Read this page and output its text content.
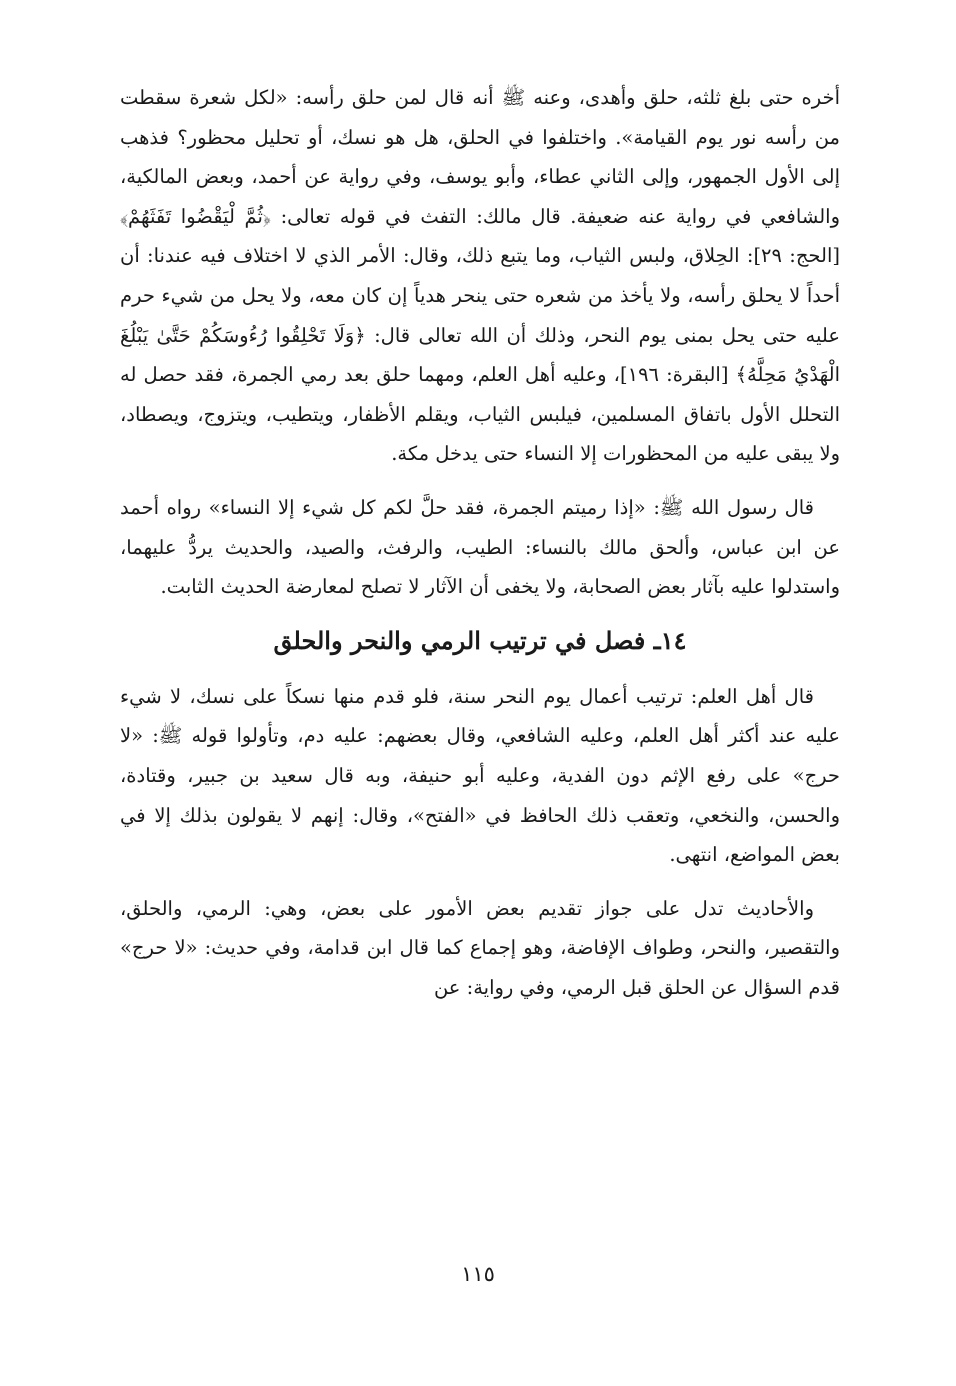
أخره حتى بلغ ثلثه، حلق وأهدى، وعنه ﷺ أنه قال لمن حلق رأسه: «لكل شعرة سقطت من رأسه نور يوم القيامة». واختلفوا في الحلق، هل هو نسك، أو تحليل محظور؟ فذهب إلى الأول الجمهور، وإلى الثاني عطاء، وأبو يوسف، وفي رواية عن أحمد، وبعض المالكية، والشافعي في رواية عنه ضعيفة. قال مالك: التفث في قوله تعالى: ﴿ثُمَّ لْيَقْضُوا تَفَثَهُمْ﴾ [الحج: ٢٩]: الحِلاق، ولبس الثياب، وما يتبع ذلك، وقال: الأمر الذي لا اختلاف فيه عندنا: أن أحداً لا يحلق رأسه، ولا يأخذ من شعره حتى ينحر هدياً إن كان معه، ولا يحل من شيء حرم عليه حتى يحل بمنى يوم النحر، وذلك أن الله تعالى قال: ﴿وَلَا تَحْلِقُوا رُءُوسَكُمْ حَتَّىٰ يَبْلُغَ الْهَدْيُ مَحِلَّهُ﴾ [البقرة: ١٩٦]، وعليه أهل العلم، ومهما حلق بعد رمي الجمرة، فقد حصل له التحلل الأول باتفاق المسلمين، فيلبس الثياب، ويقلم الأظفار، ويتطيب، ويتزوج، ويصطاد، ولا يبقى عليه من المحظورات إلا النساء حتى يدخل مكة.

قال رسول الله ﷺ: «إذا رميتم الجمرة، فقد حلَّ لكم كل شيء إلا النساء» رواه أحمد عن ابن عباس، وألحق مالك بالنساء: الطيب، والرفث، والصيد، والحديث يردُّ عليهما، واستدلوا عليه بآثار بعض الصحابة، ولا يخفى أن الآثار لا تصلح لمعارضة الحديث الثابت.

١٤ـ فصل في ترتيب الرمي والنحر والحلق

قال أهل العلم: ترتيب أعمال يوم النحر سنة، فلو قدم منها نسكاً على نسك، لا شيء عليه عند أكثر أهل العلم، وعليه الشافعي، وقال بعضهم: عليه دم، وتأولوا قوله ﷺ: «لا حرج» على رفع الإثم دون الفدية، وعليه أبو حنيفة، وبه قال سعيد بن جبير، وقتادة، والحسن، والنخعي، وتعقب ذلك الحافظ في «الفتح»، وقال: إنهم لا يقولون بذلك إلا في بعض المواضع، انتهى.

والأحاديث تدل على جواز تقديم بعض الأمور على بعض، وهي: الرمي، والحلق، والتقصير، والنحر، وطواف الإفاضة، وهو إجماع كما قال ابن قدامة، وفي حديث: «لا حرج» قدم السؤال عن الحلق قبل الرمي، وفي رواية: عن

١١٥
